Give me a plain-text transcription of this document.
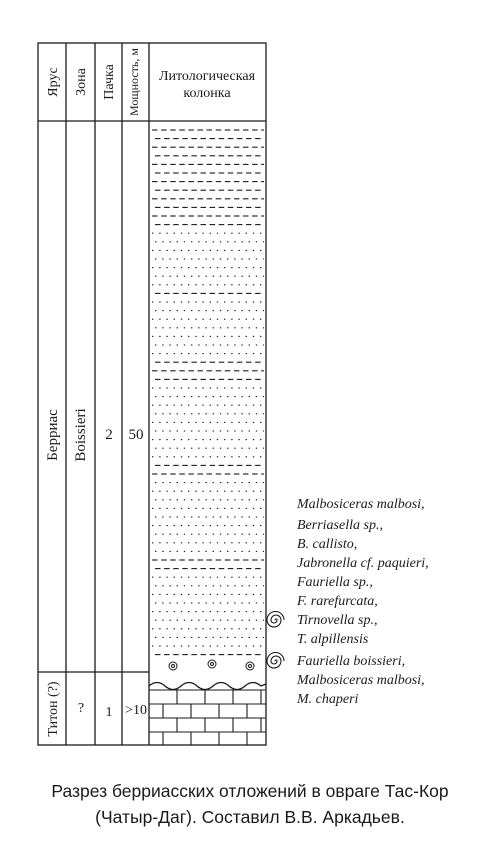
Ярус Зона Пачка Мощность, м Литологическая
колонка
Берриас Boissieri 2 50
Титон (?) ? 1 >10
Malbosiceras malbosi,
Berriasella sp.,
B. callisto,
Jabronella cf. paquieri,
Fauriella sp.,
F. rarefurcata,
Tirnovella sp.,
T. alpillensis
Fauriella boissieri,
Malbosiceras malbosi,
M. chaperi
Разрез берриасских отложений в овраге Тас-Кор
(Чатыр-Даг). Составил В.В. Аркадьев.
